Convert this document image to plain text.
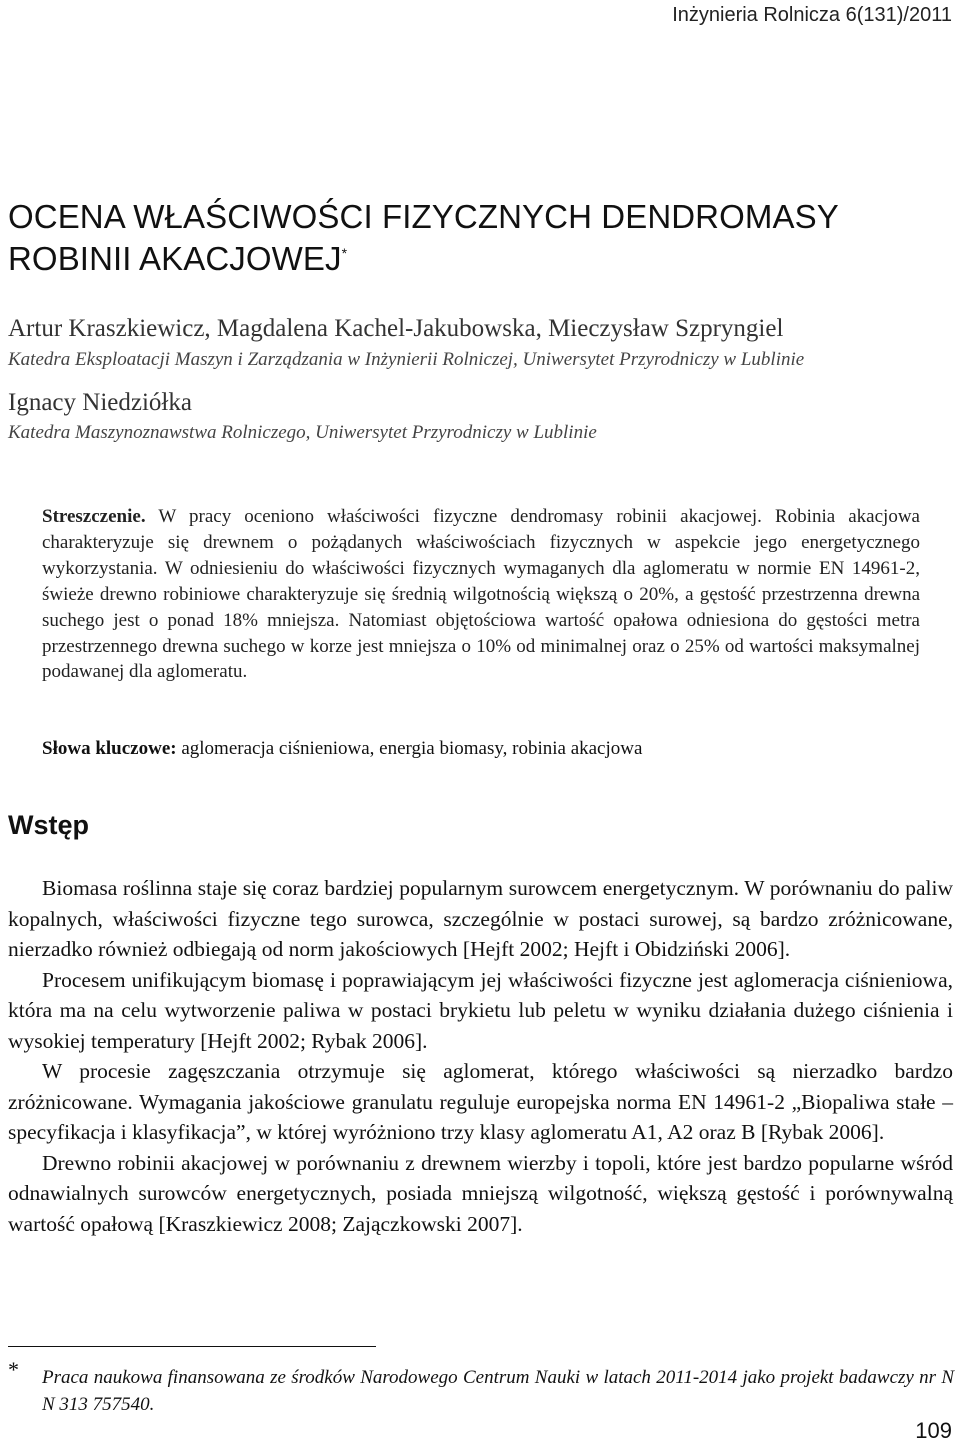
Inżynieria Rolnicza 6(131)/2011
OCENA WŁAŚCIWOŚCI FIZYCZNYCH DENDROMASY ROBINII AKACJOWEJ*

Artur Kraszkiewicz, Magdalena Kachel-Jakubowska, Mieczysław Szpryngiel

Katedra Eksploatacji Maszyn i Zarządzania w Inżynierii Rolniczej, Uniwersytet Przyrodniczy w Lublinie

Ignacy Niedziółka

Katedra Maszynoznawstwa Rolniczego, Uniwersytet Przyrodniczy w Lublinie

Streszczenie. W pracy oceniono właściwości fizyczne dendromasy robinii akacjowej. Robinia akacjowa charakteryzuje się drewnem o pożądanych właściwościach fizycznych w aspekcie jego energetycznego wykorzystania. W odniesieniu do właściwości fizycznych wymaganych dla aglomeratu w normie EN 14961-2, świeże drewno robiniowe charakteryzuje się średnią wilgotnością większą o 20%, a gęstość przestrzenna drewna suchego jest o ponad 18% mniejsza. Natomiast objętościowa wartość opałowa odniesiona do gęstości metra przestrzennego drewna suchego w korze jest mniejsza o 10% od minimalnej oraz o 25% od wartości maksymalnej podawanej dla aglomeratu.

Słowa kluczowe: aglomeracja ciśnieniowa, energia biomasy, robinia akacjowa

Wstęp

Biomasa roślinna staje się coraz bardziej popularnym surowcem energetycznym. W porównaniu do paliw kopalnych, właściwości fizyczne tego surowca, szczególnie w postaci surowej, są bardzo zróżnicowane, nierzadko również odbiegają od norm jakościowych [Hejft 2002; Hejft i Obidziński 2006].

Procesem unifikującym biomasę i poprawiającym jej właściwości fizyczne jest aglomeracja ciśnieniowa, która ma na celu wytworzenie paliwa w postaci brykietu lub peletu w wyniku działania dużego ciśnienia i wysokiej temperatury [Hejft 2002; Rybak 2006].

W procesie zagęszczania otrzymuje się aglomerat, którego właściwości są nierzadko bardzo zróżnicowane. Wymagania jakościowe granulatu reguluje europejska norma EN 14961-2 „Biopaliwa stałe – specyfikacja i klasyfikacja”, w której wyróżniono trzy klasy aglomeratu A1, A2 oraz B [Rybak 2006].

Drewno robinii akacjowej w porównaniu z drewnem wierzby i topoli, które jest bardzo popularne wśród odnawialnych surowców energetycznych, posiada mniejszą wilgotność, większą gęstość i porównywalną wartość opałową [Kraszkiewicz 2008; Zajączkowski 2007].

* Praca naukowa finansowana ze środków Narodowego Centrum Nauki w latach 2011-2014 jako projekt badawczy nr N N 313 757540.

109
